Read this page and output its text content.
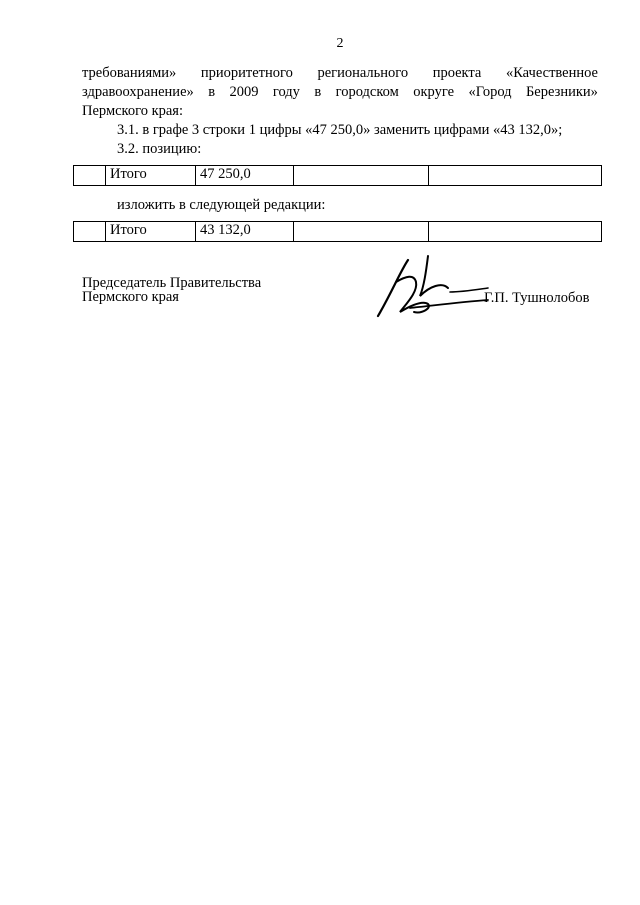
2
требованиями» приоритетного регионального проекта «Качественное
здравоохранение» в 2009 году в городском округе «Город Березники»
Пермского края:
3.1. в графе 3 строки 1 цифры «47 250,0» заменить цифрами «43 132,0»;
3.2. позицию:
	Итого	47 250,0		
изложить в следующей редакции:
	Итого	43 132,0		
Председатель Правительства
Пермского края	Г.П. Тушнолобов
